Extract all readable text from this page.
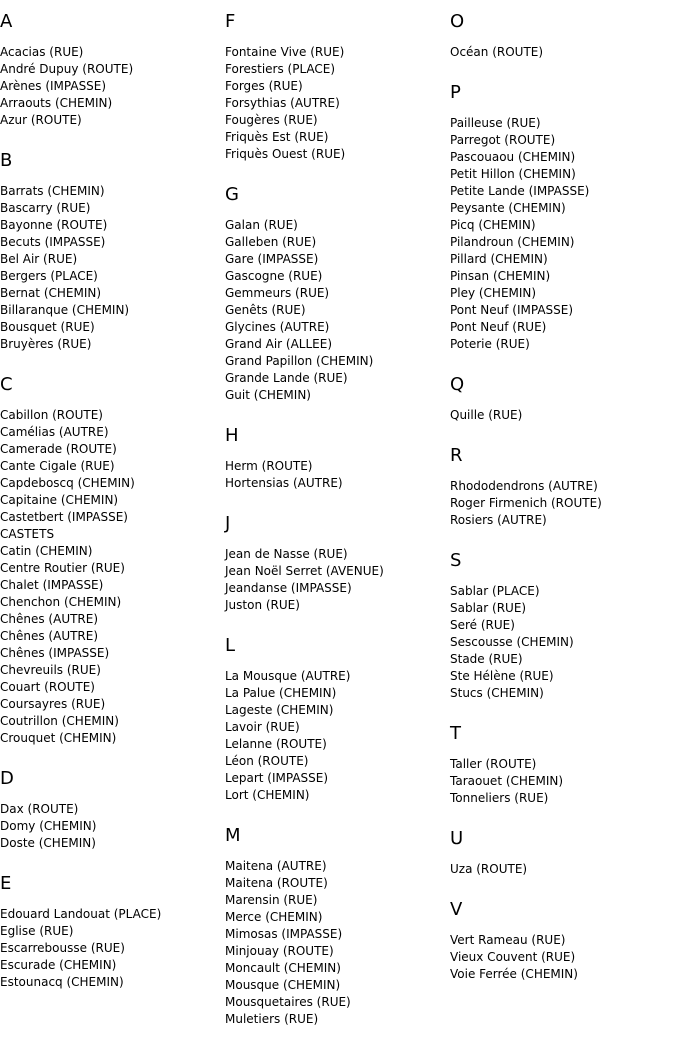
A
Acacias (RUE)
André Dupuy (ROUTE)
Arènes (IMPASSE)
Arraouts (CHEMIN)
Azur (ROUTE)
B
Barrats (CHEMIN)
Bascarry (RUE)
Bayonne (ROUTE)
Becuts (IMPASSE)
Bel Air (RUE)
Bergers (PLACE)
Bernat (CHEMIN)
Billaranque (CHEMIN)
Bousquet (RUE)
Bruyères (RUE)
C
Cabillon (ROUTE)
Camélias (AUTRE)
Camerade (ROUTE)
Cante Cigale (RUE)
Capdeboscq (CHEMIN)
Capitaine (CHEMIN)
Castetbert (IMPASSE)
CASTETS
Catin (CHEMIN)
Centre Routier (RUE)
Chalet (IMPASSE)
Chenchon (CHEMIN)
Chênes (AUTRE)
Chênes (AUTRE)
Chênes (IMPASSE)
Chevreuils (RUE)
Couart (ROUTE)
Coursayres (RUE)
Coutrillon (CHEMIN)
Crouquet (CHEMIN)
D
Dax (ROUTE)
Domy (CHEMIN)
Doste (CHEMIN)
E
Edouard Landouat (PLACE)
Eglise (RUE)
Escarrebousse (RUE)
Escurade (CHEMIN)
Estounacq (CHEMIN)
F
Fontaine Vive (RUE)
Forestiers (PLACE)
Forges (RUE)
Forsythias (AUTRE)
Fougères (RUE)
Friquès Est (RUE)
Friquès Ouest (RUE)
G
Galan (RUE)
Galleben (RUE)
Gare (IMPASSE)
Gascogne (RUE)
Gemmeurs (RUE)
Genêts (RUE)
Glycines (AUTRE)
Grand Air (ALLEE)
Grand Papillon (CHEMIN)
Grande Lande (RUE)
Guit (CHEMIN)
H
Herm (ROUTE)
Hortensias (AUTRE)
J
Jean de Nasse (RUE)
Jean Noël Serret (AVENUE)
Jeandanse (IMPASSE)
Juston (RUE)
L
La Mousque (AUTRE)
La Palue (CHEMIN)
Lageste (CHEMIN)
Lavoir (RUE)
Lelanne (ROUTE)
Léon (ROUTE)
Lepart (IMPASSE)
Lort (CHEMIN)
M
Maitena (AUTRE)
Maitena (ROUTE)
Marensin (RUE)
Merce (CHEMIN)
Mimosas (IMPASSE)
Minjouay (ROUTE)
Moncault (CHEMIN)
Mousque (CHEMIN)
Mousquetaires (RUE)
Muletiers (RUE)
O
Océan (ROUTE)
P
Pailleuse (RUE)
Parregot (ROUTE)
Pascouaou (CHEMIN)
Petit Hillon (CHEMIN)
Petite Lande (IMPASSE)
Peysante (CHEMIN)
Picq (CHEMIN)
Pilandroun (CHEMIN)
Pillard (CHEMIN)
Pinsan (CHEMIN)
Pley (CHEMIN)
Pont Neuf (IMPASSE)
Pont Neuf (RUE)
Poterie (RUE)
Q
Quille (RUE)
R
Rhododendrons (AUTRE)
Roger Firmenich (ROUTE)
Rosiers (AUTRE)
S
Sablar (PLACE)
Sablar (RUE)
Seré (RUE)
Sescousse (CHEMIN)
Stade (RUE)
Ste Hélène (RUE)
Stucs (CHEMIN)
T
Taller (ROUTE)
Taraouet (CHEMIN)
Tonneliers (RUE)
U
Uza (ROUTE)
V
Vert Rameau (RUE)
Vieux Couvent (RUE)
Voie Ferrée (CHEMIN)
